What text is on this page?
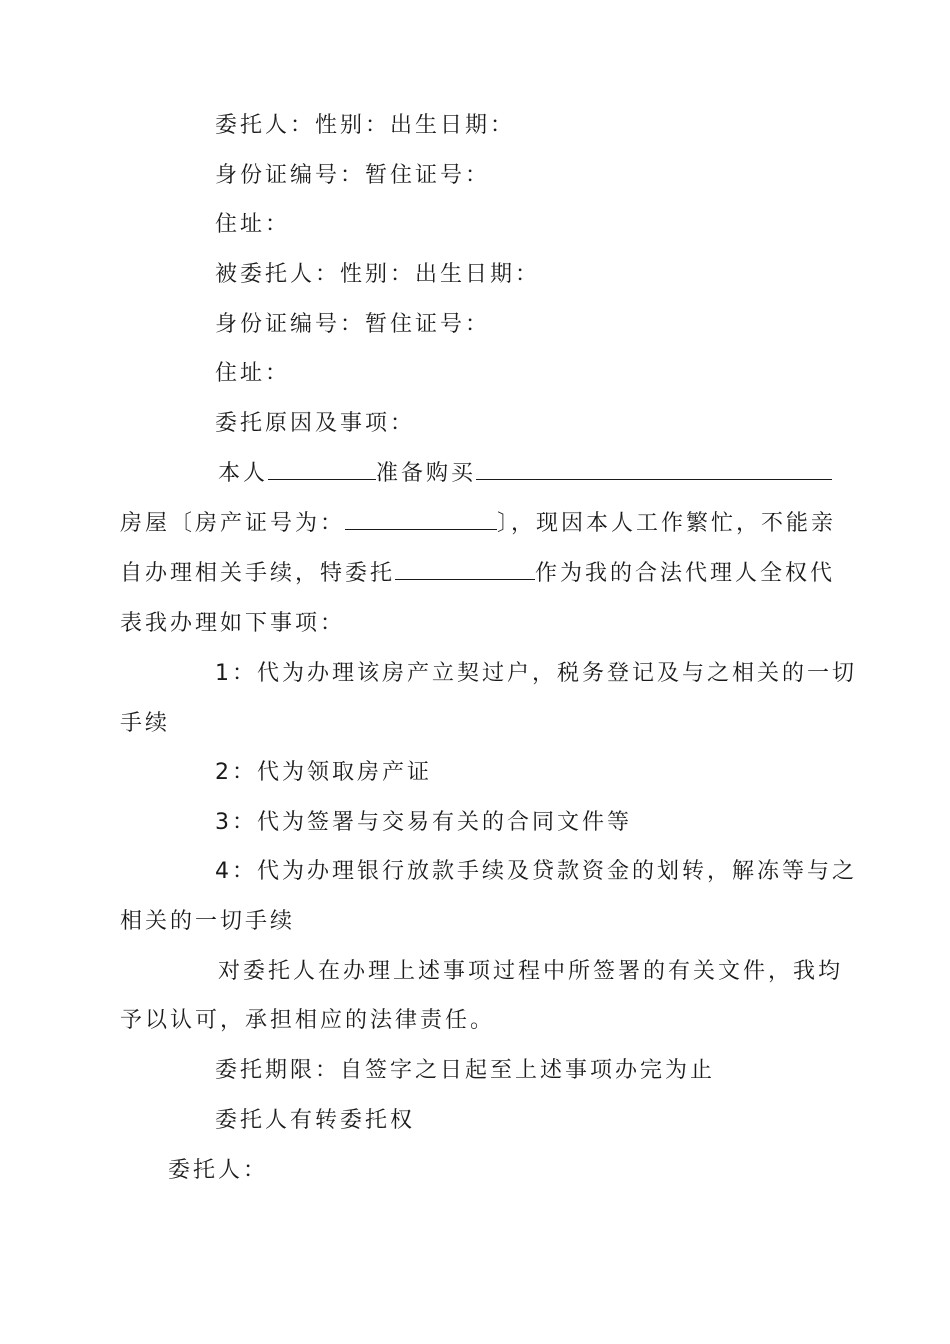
委托人：性别：出生日期：
身份证编号：暂住证号：
住址：
被委托人：性别：出生日期：
身份证编号：暂住证号：
住址：
委托原因及事项：
本人	准备购买
房屋〔房产证号为：	〕，现因本人工作繁忙，不能亲
自办理相关手续，特委托	作为我的合法代理人全权代
表我办理如下事项：
1：代为办理该房产立契过户，税务登记及与之相关的一切
手续
2：代为领取房产证
3：代为签署与交易有关的合同文件等
4：代为办理银行放款手续及贷款资金的划转，解冻等与之
相关的一切手续
对委托人在办理上述事项过程中所签署的有关文件，我均
予以认可，承担相应的法律责任。
委托期限：自签字之日起至上述事项办完为止
委托人有转委托权
委托人：
